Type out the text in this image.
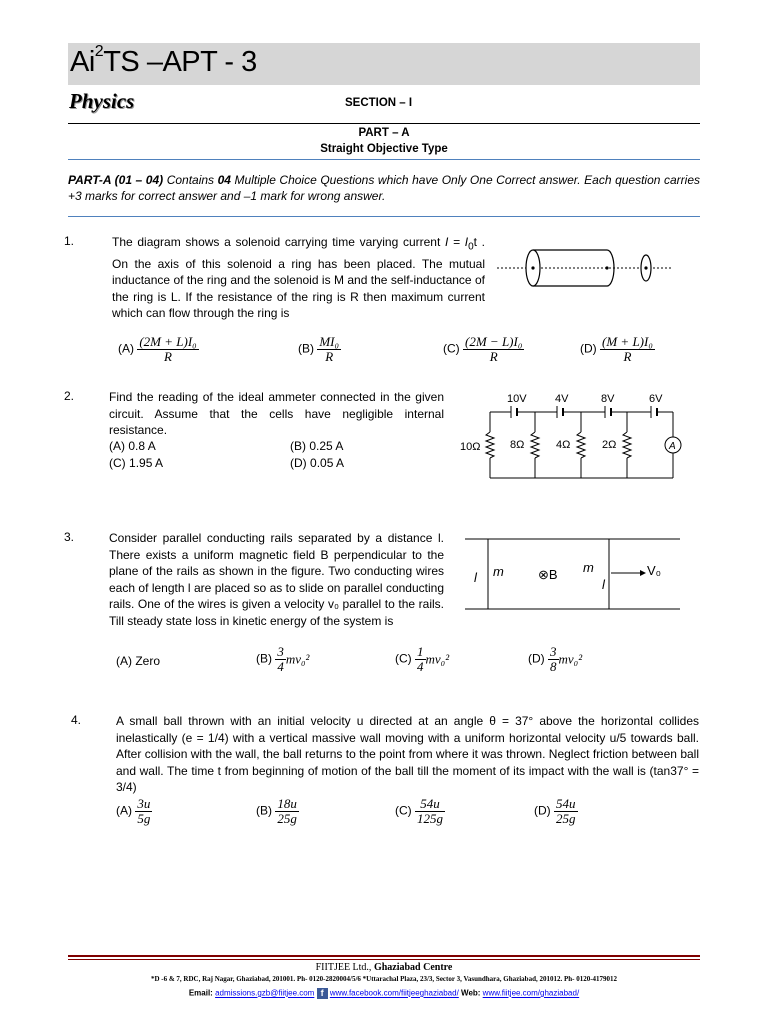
Ai$^2$TS –APT - 3
Physics	SECTION – I
PART – A
Straight Objective Type
PART-A (01 – 04) Contains 04 Multiple Choice Questions which have Only One Correct answer. Each question carries +3 marks for correct answer and –1 mark for wrong answer.
1.	The diagram shows a solenoid carrying time varying current $I = I_0t$ . On the axis of this solenoid a ring has been placed. The mutual inductance of the ring and the solenoid is M and the self-inductance of the ring is L. If the resistance of the ring is R then maximum current which can flow through the ring is
$(A) \frac{\text{(2M + L)I₀}}{R}$	$(B) \frac{\text{MI₀}}{R}$	$(C) \frac{\text{(2M − L)I₀}}{R}$	$(D) \frac{\text{(M + L)I₀}}{R}$
2.	Find the reading of the ideal ammeter connected in the given circuit. Assume that the cells have negligible internal resistance.
(A) 0.8 A	(B) 0.25 A
(C) 1.95 A	(D) 0.05 A
10V	4V	8V	6V
10Ω	8Ω	4Ω	2Ω	A
3.	Consider parallel conducting rails separated by a distance l. There exists a uniform magnetic field B perpendicular to the plane of the rails as shown in the figure. Two conducting wires each of length l are placed so as to slide on parallel conducting rails. One of the wires is given a velocity v₀ parallel to the rails. Till steady state loss in kinetic energy of the system is
l m	⊗B m
l
V₀
(A) Zero	$(B) \frac{3}{4} mv_0^2$	$(C) \frac{1}{4} mv_0^2$	$(D) \frac{3}{8} mv_0^2$
4.	A small ball thrown with an initial velocity u directed at an angle θ = 37° above the horizontal collides inelastically (e = 1/4) with a vertical massive wall moving with a uniform horizontal velocity u/5 towards ball. After collision with the wall, the ball returns to the point from where it was thrown. Neglect friction between ball and wall. The time t from beginning of motion of the ball till the moment of its impact with the wall is (tan37° = 3/4)
$(A) \frac{3u}{5g}$	$(B) \frac{18u}{25g}$	$(C) \frac{54u}{125g}$	$(D) \frac{54u}{25g}$
FIITJEE Ltd., Ghaziabad Centre
*D -6 & 7, RDC, Raj Nagar, Ghaziabad, 201001. Ph- 0120-2820004/5/6 *Uttarachal Plaza, 23/3, Sector 3, Vasundhara, Ghaziabad, 201012. Ph- 0120-4179012
Email: admissions.gzb@fiitjee.com f www.facebook.com/fiitjeeghaziabad/ Web: www.fiitjee.com/ghaziabad/
